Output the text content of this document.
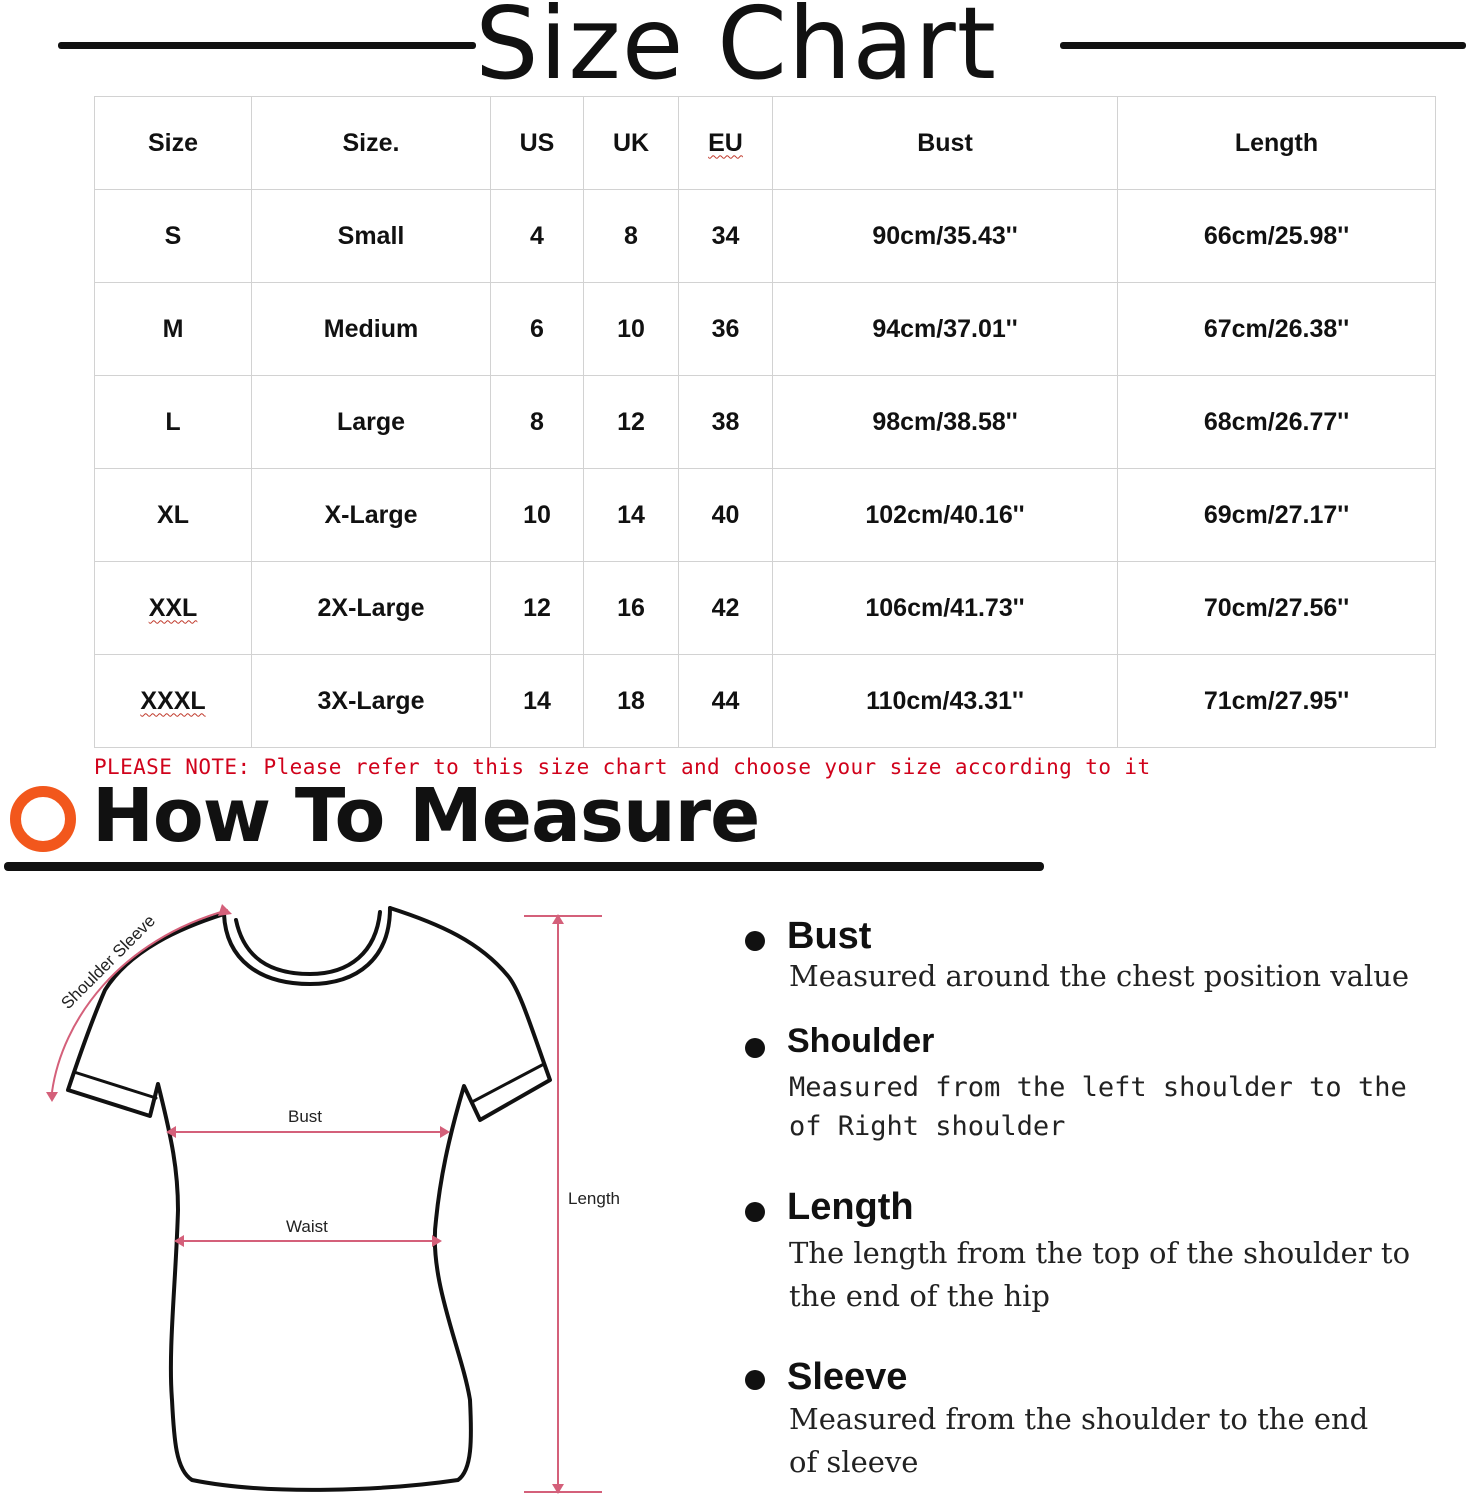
Size Chart
Size	Size.	US	UK	EU	Bust	Length
S	Small	4	8	34	90cm/35.43''	66cm/25.98''
M	Medium	6	10	36	94cm/37.01''	67cm/26.38''
L	Large	8	12	38	98cm/38.58''	68cm/26.77''
XL	X-Large	10	14	40	102cm/40.16''	69cm/27.17''
XXL	2X-Large	12	16	42	106cm/41.73''	70cm/27.56''
XXXL	3X-Large	14	18	44	110cm/43.31''	71cm/27.95''
PLEASE NOTE: Please refer to this size chart and choose your size according to it
How To Measure
Shoulder Sleeve
Bust
Waist
Length
Bust
Measured around the chest position value
Shoulder
Measured from the left shoulder to the
of Right shoulder
Length
The length from the top of the shoulder to
the end of the hip
Sleeve
Measured from the shoulder to the end
of sleeve
